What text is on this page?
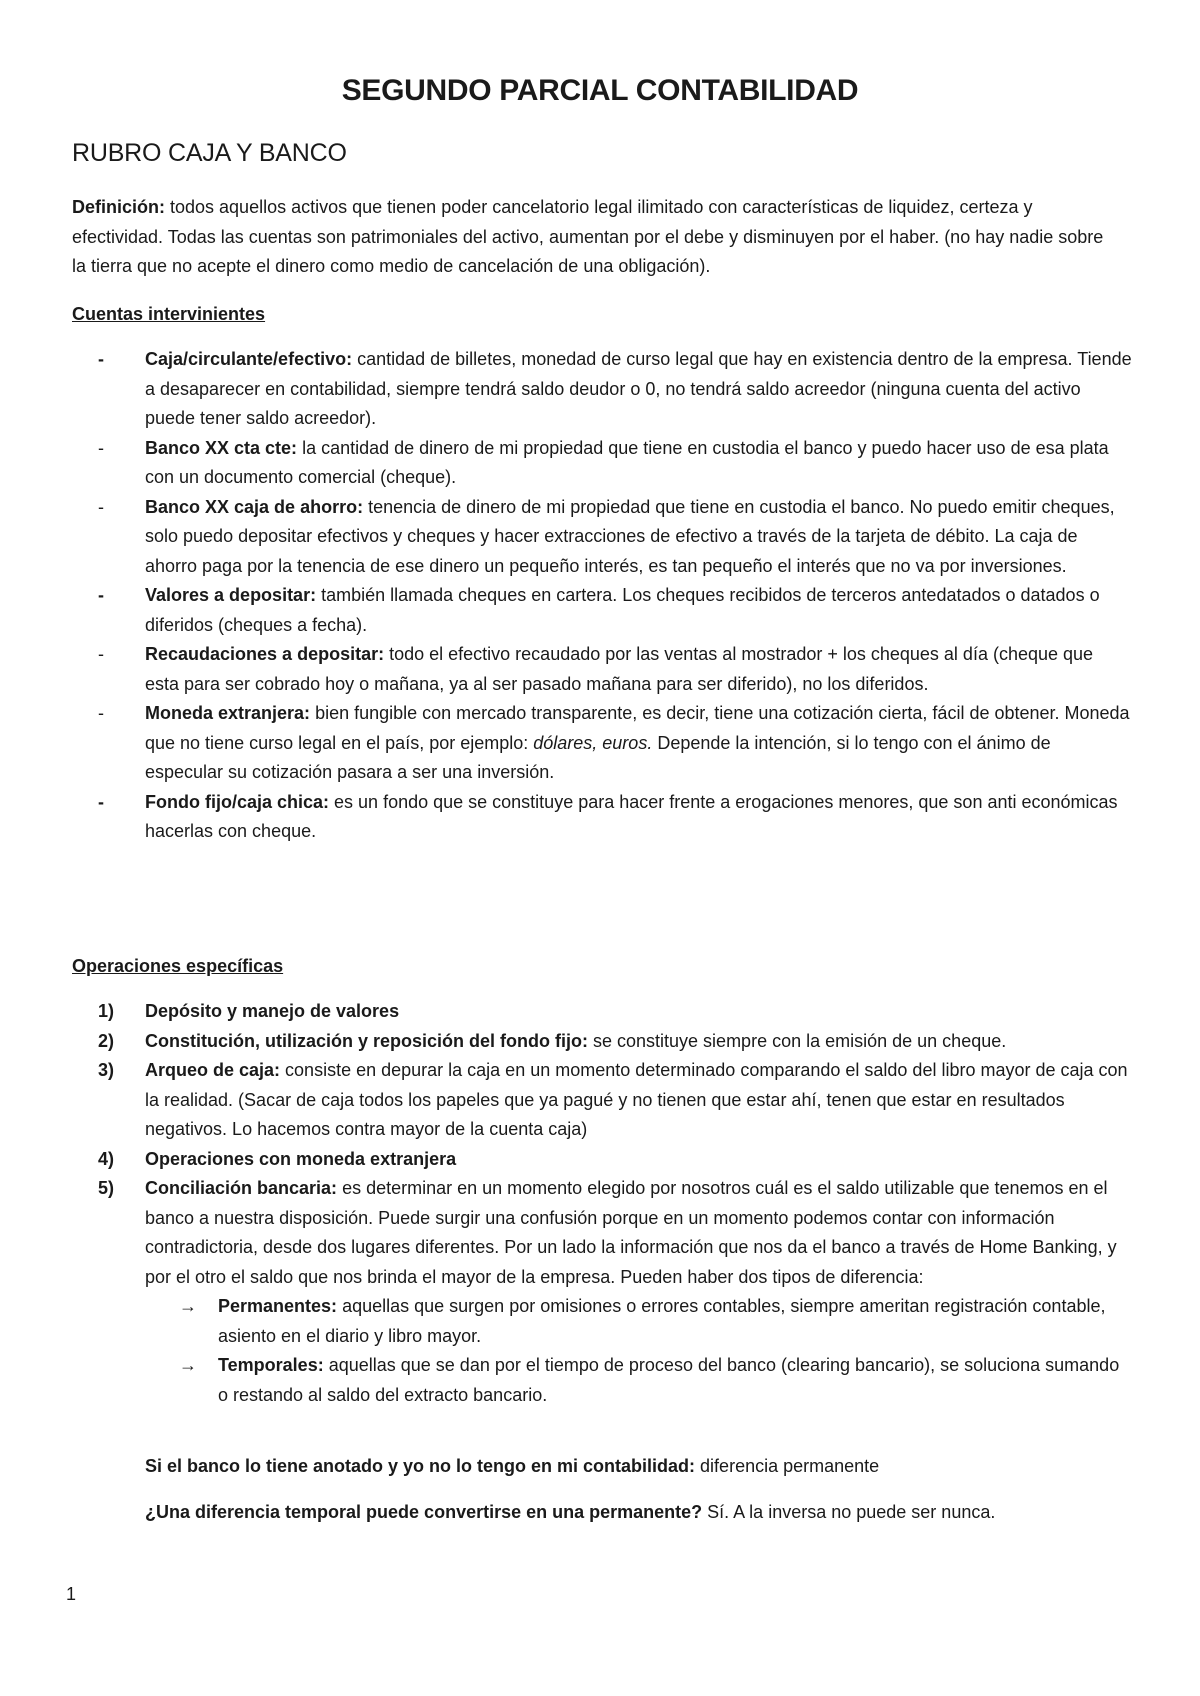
SEGUNDO PARCIAL CONTABILIDAD
RUBRO CAJA Y BANCO

Definición: todos aquellos activos que tienen poder cancelatorio legal ilimitado con características de liquidez, certeza y efectividad. Todas las cuentas son patrimoniales del activo, aumentan por el debe y disminuyen por el haber. (no hay nadie sobre la tierra que no acepte el dinero como medio de cancelación de una obligación).

Cuentas intervinientes

-	Caja/circulante/efectivo: cantidad de billetes, monedad de curso legal que hay en existencia dentro de la empresa. Tiende a desaparecer en contabilidad, siempre tendrá saldo deudor o 0, no tendrá saldo acreedor (ninguna cuenta del activo puede tener saldo acreedor).
-	Banco XX cta cte: la cantidad de dinero de mi propiedad que tiene en custodia el banco y puedo hacer uso de esa plata con un documento comercial (cheque).
-	Banco XX caja de ahorro: tenencia de dinero de mi propiedad que tiene en custodia el banco. No puedo emitir cheques, solo puedo depositar efectivos y cheques y hacer extracciones de efectivo a través de la tarjeta de débito. La caja de ahorro paga por la tenencia de ese dinero un pequeño interés, es tan pequeño el interés que no va por inversiones.
-	Valores a depositar: también llamada cheques en cartera. Los cheques recibidos de terceros antedatados o datados o diferidos (cheques a fecha).
-	Recaudaciones a depositar: todo el efectivo recaudado por las ventas al mostrador + los cheques al día (cheque que esta para ser cobrado hoy o mañana, ya al ser pasado mañana para ser diferido), no los diferidos.
-	Moneda extranjera: bien fungible con mercado transparente, es decir, tiene una cotización cierta, fácil de obtener. Moneda que no tiene curso legal en el país, por ejemplo: dólares, euros. Depende la intención, si lo tengo con el ánimo de especular su cotización pasara a ser una inversión.
-	Fondo fijo/caja chica: es un fondo que se constituye para hacer frente a erogaciones menores, que son anti económicas hacerlas con cheque.

Operaciones específicas

1)	Depósito y manejo de valores
2)	Constitución, utilización y reposición del fondo fijo: se constituye siempre con la emisión de un cheque.
3)	Arqueo de caja: consiste en depurar la caja en un momento determinado comparando el saldo del libro mayor de caja con la realidad. (Sacar de caja todos los papeles que ya pagué y no tienen que estar ahí, tenen que estar en resultados negativos. Lo hacemos contra mayor de la cuenta caja)
4)	Operaciones con moneda extranjera
5)	Conciliación bancaria: es determinar en un momento elegido por nosotros cuál es el saldo utilizable que tenemos en el banco a nuestra disposición. Puede surgir una confusión porque en un momento podemos contar con información contradictoria, desde dos lugares diferentes. Por un lado la información que nos da el banco a través de Home Banking, y por el otro el saldo que nos brinda el mayor de la empresa. Pueden haber dos tipos de diferencia:
→ Permanentes: aquellas que surgen por omisiones o errores contables, siempre ameritan registración contable, asiento en el diario y libro mayor.
→ Temporales: aquellas que se dan por el tiempo de proceso del banco (clearing bancario), se soluciona sumando o restando al saldo del extracto bancario.

Si el banco lo tiene anotado y yo no lo tengo en mi contabilidad: diferencia permanente

¿Una diferencia temporal puede convertirse en una permanente? Sí. A la inversa no puede ser nunca.

1
